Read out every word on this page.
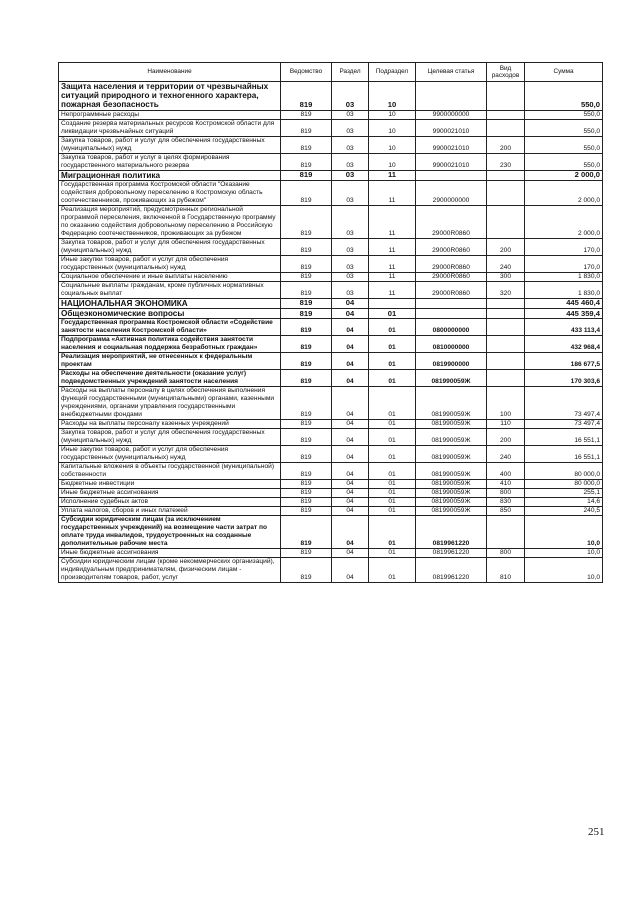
Наименование	Ведомство	Раздел	Подраздел	Целевая статья	Вид расходов	Сумма
Защита населения и территории от чрезвычайных ситуаций природного и техногенного характера, пожарная безопасность	819	03	10			550,0
Непрограммные расходы	819	03	10	9900000000		550,0
Создание резерва материальных ресурсов Костромской области для ликвидации чрезвычайных ситуаций	819	03	10	9900021010		550,0
Закупка товаров, работ и услуг для обеспечения государственных (муниципальных) нужд	819	03	10	9900021010	200	550,0
Закупка товаров, работ и услуг в целях формирования государственного материального резерва	819	03	10	9900021010	230	550,0
Миграционная политика	819	03	11			2 000,0
Государственная программа Костромской области "Оказание содействия добровольному переселению в Костромскую область соотечественников, проживающих за рубежом"	819	03	11	2900000000		2 000,0
Реализация мероприятий, предусмотренных региональной программой переселения, включенной в Государственную программу по оказанию содействия добровольному переселению в Российскую Федерацию соотечественников, проживающих за рубежом	819	03	11	29000R0860		2 000,0
Закупка товаров, работ и услуг для обеспечения государственных (муниципальных) нужд	819	03	11	29000R0860	200	170,0
Иные закупки товаров, работ и услуг для обеспечения государственных (муниципальных) нужд	819	03	11	29000R0860	240	170,0
Социальное обеспечение и иные выплаты населению	819	03	11	29000R0860	300	1 830,0
Социальные выплаты гражданам, кроме публичных нормативных социальных выплат	819	03	11	29000R0860	320	1 830,0
НАЦИОНАЛЬНАЯ ЭКОНОМИКА	819	04				445 460,4
Общеэкономические вопросы	819	04	01			445 359,4
Государственная программа Костромской области «Содействие занятости населения Костромской области»	819	04	01	0800000000		433 113,4
Подпрограмма «Активная политика содействия занятости населения и социальная поддержка безработных граждан»	819	04	01	0810000000		432 968,4
Реализация мероприятий, не отнесенных к федеральным проектам	819	04	01	0819900000		186 677,5
Расходы на обеспечение деятельности (оказание услуг) подведомственных учреждений занятости населения	819	04	01	081990059Ж		170 303,6
Расходы на выплаты персоналу в целях обеспечения выполнения функций государственными (муниципальными) органами, казенными учреждениями, органами управления государственными внебюджетными фондами	819	04	01	081990059Ж	100	73 497,4
Расходы на выплаты персоналу казенных учреждений	819	04	01	081990059Ж	110	73 497,4
Закупка товаров, работ и услуг для обеспечения государственных (муниципальных) нужд	819	04	01	081990059Ж	200	16 551,1
Иные закупки товаров, работ и услуг для обеспечения государственных (муниципальных) нужд	819	04	01	081990059Ж	240	16 551,1
Капитальные вложения в объекты государственной (муниципальной) собственности	819	04	01	081990059Ж	400	80 000,0
Бюджетные инвестиции	819	04	01	081990059Ж	410	80 000,0
Иные бюджетные ассигнования	819	04	01	081990059Ж	800	255,1
Исполнение судебных актов	819	04	01	081990059Ж	830	14,6
Уплата налогов, сборов и иных платежей	819	04	01	081990059Ж	850	240,5
Субсидии юридическим лицам (за исключением государственных учреждений) на возмещение части затрат по оплате труда инвалидов, трудоустроенных на созданные дополнительные рабочие места	819	04	01	0819961220		10,0
Иные бюджетные ассигнования	819	04	01	0819961220	800	10,0
Субсидии юридическим лицам (кроме некоммерческих организаций), индивидуальным предпринимателям, физическим лицам - производителям товаров, работ, услуг	819	04	01	0819961220	810	10,0
251
